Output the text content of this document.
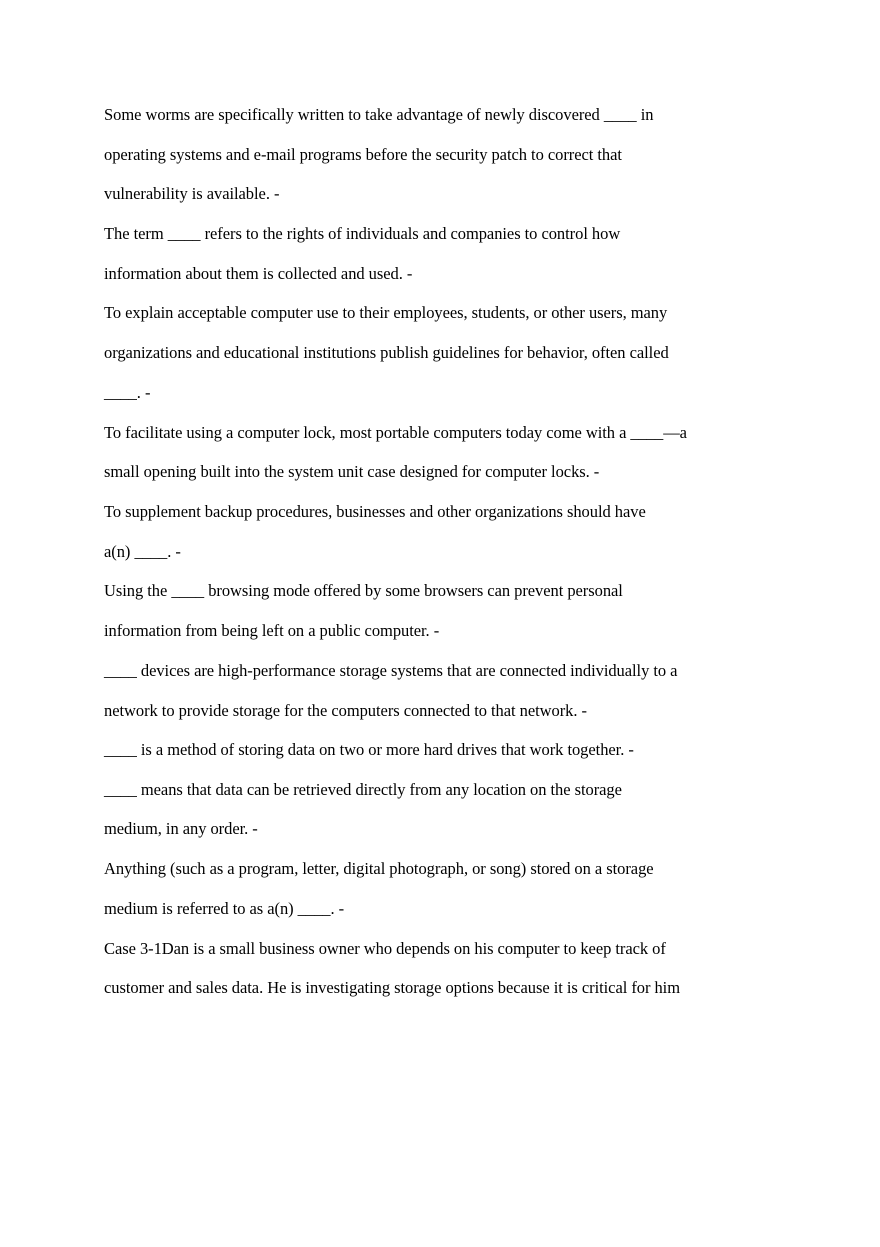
Some worms are specifically written to take advantage of newly discovered ____ in

operating systems and e-mail programs before the security patch to correct that

vulnerability is available. -

The term ____ refers to the rights of individuals and companies to control how

information about them is collected and used. -

To explain acceptable computer use to their employees, students, or other users, many

organizations and educational institutions publish guidelines for behavior, often called

____. -

To facilitate using a computer lock, most portable computers today come with a ____—a

small opening built into the system unit case designed for computer locks. -

To supplement backup procedures, businesses and other organizations should have

a(n) ____. -

Using the ____ browsing mode offered by some browsers can prevent personal

information from being left on a public computer. -

____ devices are high-performance storage systems that are connected individually to a

network to provide storage for the computers connected to that network. -

____ is a method of storing data on two or more hard drives that work together. -

____ means that data can be retrieved directly from any location on the storage

medium, in any order. -

Anything (such as a program, letter, digital photograph, or song) stored on a storage

medium is referred to as a(n) ____. -

Case 3-1Dan is a small business owner who depends on his computer to keep track of

customer and sales data. He is investigating storage options because it is critical for him
